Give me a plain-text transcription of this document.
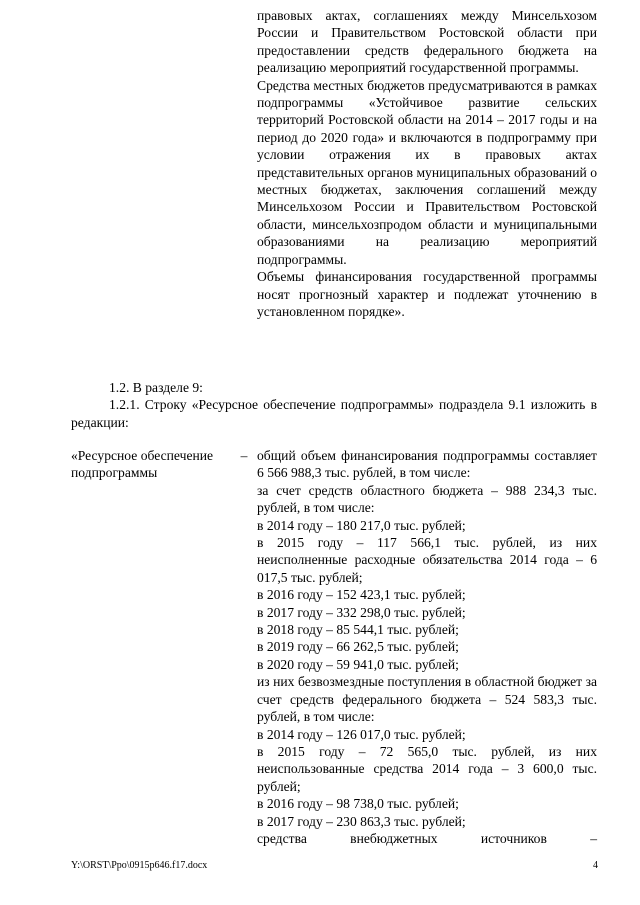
правовых актах, соглашениях между Минсельхозом России и Правительством Ростовской области при предоставлении средств федерального бюджета на реализацию мероприятий государственной программы.

Средства местных бюджетов предусматриваются в рамках подпрограммы «Устойчивое развитие сельских территорий Ростовской области на 2014 – 2017 годы и на период до 2020 года» и включаются в подпрограмму при условии отражения их в правовых актах представительных органов муниципальных образований о местных бюджетах, заключения соглашений между Минсельхозом России и Правительством Ростовской области, минсельхозпродом области и муниципальными образованиями на реализацию мероприятий подпрограммы.

Объемы финансирования государственной программы носят прогнозный характер и подлежат уточнению в установленном порядке».

1.2. В разделе 9:

1.2.1. Строку «Ресурсное обеспечение подпрограммы» подраздела 9.1 изложить в редакции:

«Ресурсное обеспечение подпрограммы
– общий объем финансирования подпрограммы составляет 6 566 988,3 тыс. рублей, в том числе:

за счет средств областного бюджета – 988 234,3 тыс. рублей, в том числе:

в 2014 году – 180 217,0 тыс. рублей;

в 2015 году – 117 566,1 тыс. рублей, из них неисполненные расходные обязательства 2014 года – 6 017,5 тыс. рублей;

в 2016 году – 152 423,1 тыс. рублей;

в 2017 году – 332 298,0 тыс. рублей;

в 2018 году – 85 544,1 тыс. рублей;

в 2019 году – 66 262,5 тыс. рублей;

в 2020 году – 59 941,0 тыс. рублей;

из них безвозмездные поступления в областной бюджет за счет средств федерального бюджета – 524 583,3 тыс. рублей, в том числе:

в 2014 году – 126 017,0 тыс. рублей;

в 2015 году – 72 565,0 тыс. рублей, из них неиспользованные средства 2014 года – 3 600,0 тыс. рублей;

в 2016 году – 98 738,0 тыс. рублей;

в 2017 году – 230 863,3 тыс. рублей;

средства внебюджетных источников –

Y:\ORST\Ppo\0915p646.f17.docx	4
